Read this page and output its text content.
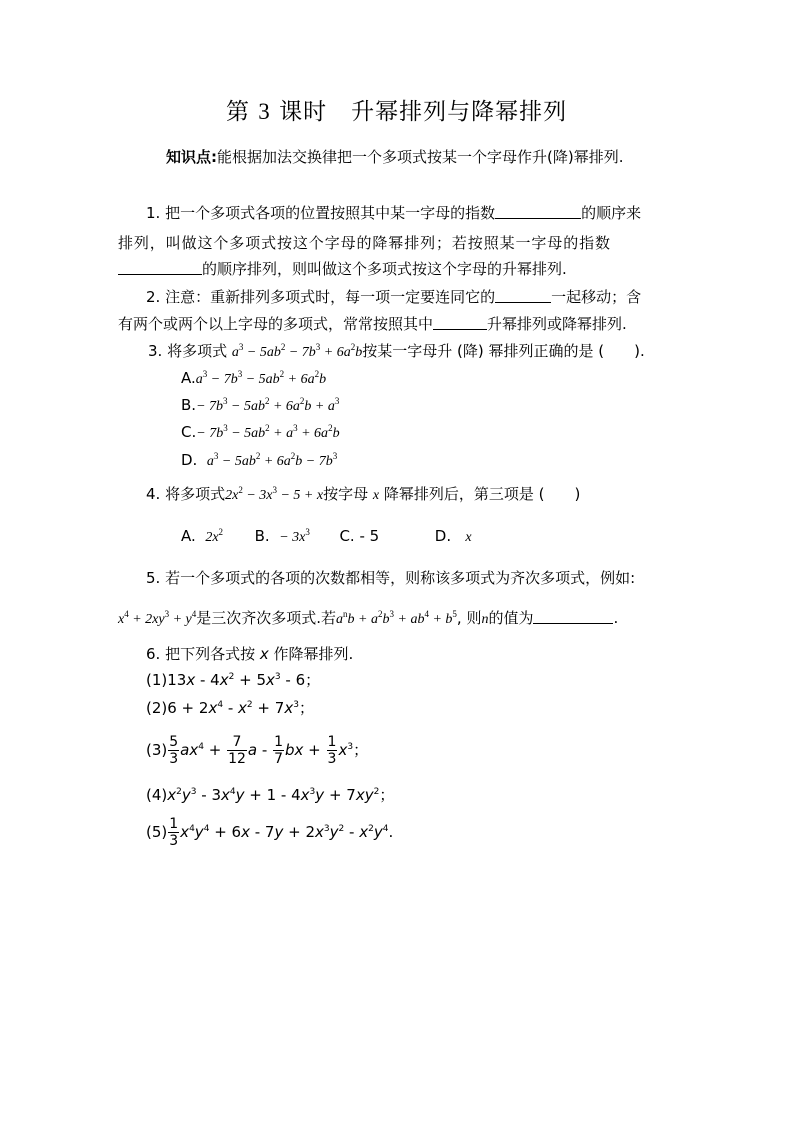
第 3 课时　升幂排列与降幂排列
知识点:能根据加法交换律把一个多项式按某一个字母作升(降)幂排列.
1. 把一个多项式各项的位置按照其中某一字母的指数	的顺序来
排列，叫做这个多项式按这个字母的降幂排列；若按照某一字母的指数
的顺序排列，则叫做这个多项式按这个字母的升幂排列.
2. 注意：重新排列多项式时，每一项一定要连同它的	一起移动；含
有两个或两个以上字母的多项式，常常按照其中	升幂排列或降幂排列.
3. 将多项式 $a^3 - 5ab^2 - 7b^3 + 6a^2b$按某一字母升 (降) 幂排列正确的是 (　　).
$A.a^3 - 7b^3 - 5ab^2 + 6a^2b$
$B.- 7b^3 - 5ab^2 + 6a^2b + a^3$
$C.- 7b^3 - 5ab^2 + a^3 + 6a^2b$
D. $a^3 - 5ab^2 + 6a^2b - 7b^3$
4. 将多项式$2x^2 - 3x^3 - 5 + x$按字母 x 降幂排列后，第三项是 (　　)
A. $2x^2$ B. − $3x^3$ C. - 5	D. x
5. 若一个多项式的各项的次数都相等，则称该多项式为齐次多项式，例如:
$x^4 + 2xy^3 + y^4$是三次齐次多项式.若$a^nb + a^2b^3 + ab^4 + b^5$, 则n的值为	.
6. 把下列各式按 x 作降幂排列.
$(1)13x - 4x^2 + 5x^3 - 6$；
$(2)6 + 2x^4 - x^2 + 7x^3$；
$(3) \frac{5}{3} ax^4 + \frac{7}{12}$ a - $\frac{1}{7}$ bx + $\frac{1}{3} x^3$；
$(4)x^2y^3 - 3x^4y + 1 - 4x^3y + 7xy^2$；
$(5) \frac{1}{3} x^4y^4 + 6x - 7y + 2x^3y^2 - x^2y^4$.
